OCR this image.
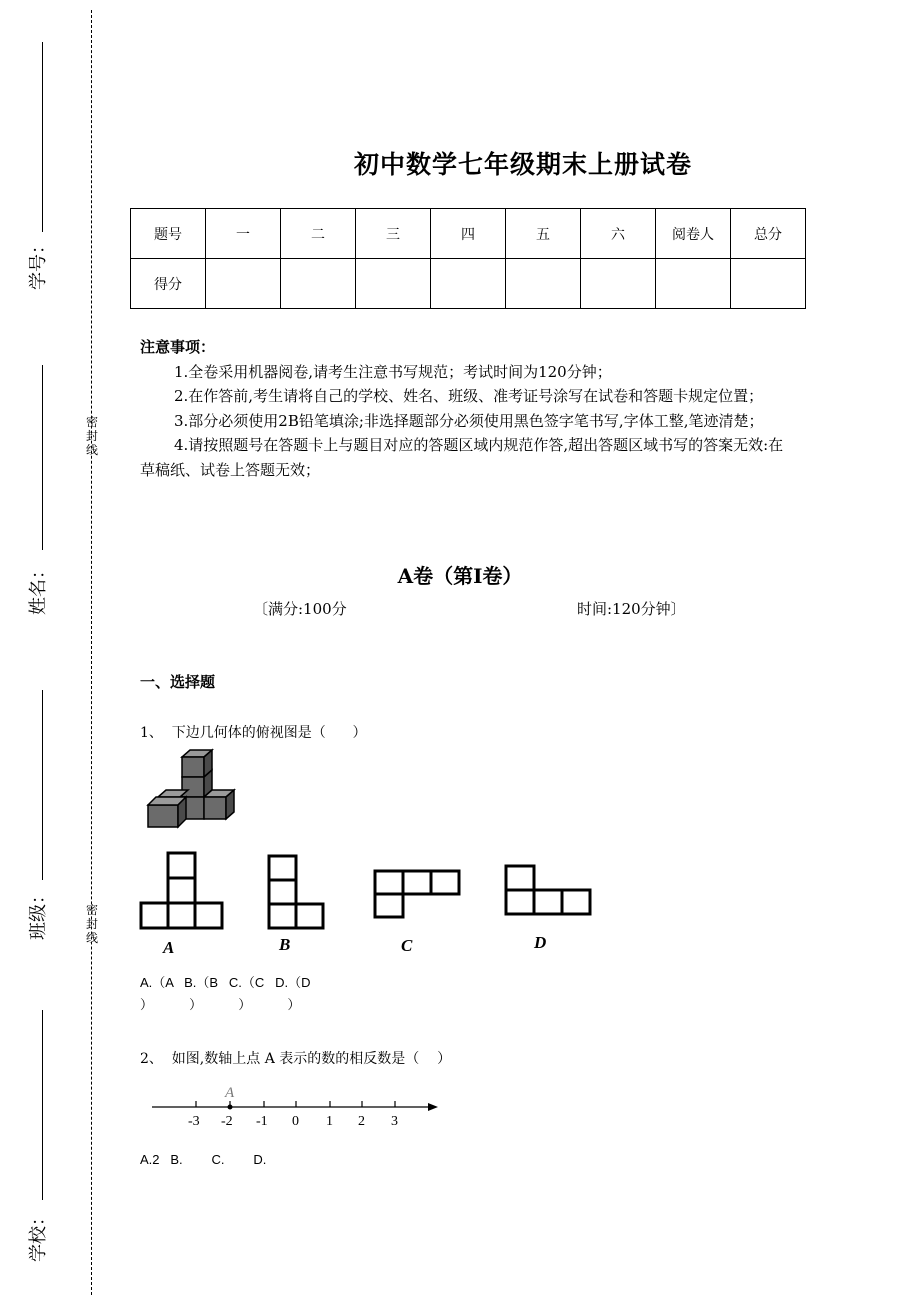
密
封
线
密
封
线
学号：
姓名：
班级：
学校：
初中数学七年级期末上册试卷
题号	一	二	三	四	五	六	阅卷人	总分
得分								
注意事项：
1.全卷采用机器阅卷,请考生注意书写规范；考试时间为120分钟；
2.在作答前,考生请将自己的学校、姓名、班级、准考证号涂写在试卷和答题卡规定位置；
3.部分必须使用2B铅笔填涂;非选择题部分必须使用黑色签字笔书写,字体工整,笔迹清楚；
4.请按照题号在答题卡上与题目对应的答题区域内规范作答,超出答题区域书写的答案无效:在草稿纸、试卷上答题无效；
A卷（第Ⅰ卷）
〔满分:100分	时间:120分钟〕
一、选择题
1、  下边几何体的俯视图是（      ）
A	B	C	D
A.（A   B.（B   C.（C   D.（D
）          ）          ）          ）
2、  如图,数轴上点 A 表示的数的相反数是（    ）
A
-3 -2 -1 0 1 2 3
A.2   B.        C.        D.
